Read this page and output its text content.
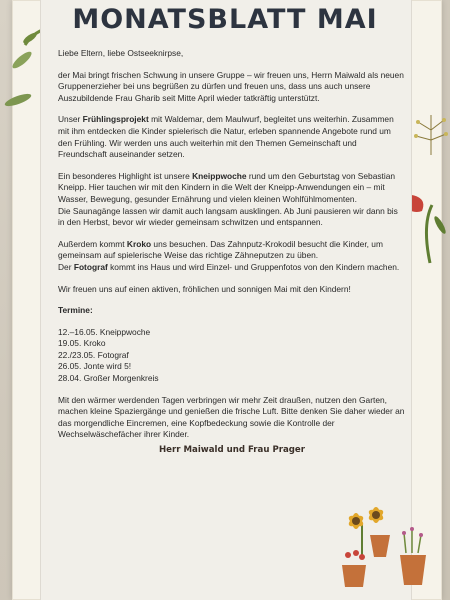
MONATSBLATT MAI

Liebe Eltern, liebe Ostseeknirpse,

der Mai bringt frischen Schwung in unsere Gruppe – wir freuen uns, Herrn Maiwald als neuen Gruppenerzieher bei uns begrüßen zu dürfen und freuen uns, dass uns auch unsere Auszubildende Frau Gharib seit Mitte April wieder tatkräftig unterstützt.

Unser Frühlingsprojekt mit Waldemar, dem Maulwurf, begleitet uns weiterhin. Zusammen mit ihm entdecken die Kinder spielerisch die Natur, erleben spannende Angebote rund um den Frühling. Wir werden uns auch weiterhin mit den Themen Gemeinschaft und Freundschaft auseinander setzen.

Ein besonderes Highlight ist unsere Kneippwoche rund um den Geburtstag von Sebastian Kneipp. Hier tauchen wir mit den Kindern in die Welt der Kneipp-Anwendungen ein – mit Wasser, Bewegung, gesunder Ernährung und vielen kleinen Wohlfühlmomenten.
Die Saunagänge lassen wir damit auch langsam ausklingen. Ab Juni pausieren wir dann bis in den Herbst, bevor wir wieder gemeinsam schwitzen und entspannen.

Außerdem kommt Kroko uns besuchen. Das Zahnputz-Krokodil besucht die Kinder, um gemeinsam auf spielerische Weise das richtige Zähneputzen zu üben.
Der Fotograf kommt ins Haus und wird Einzel- und Gruppenfotos von den Kindern machen.

Wir freuen uns auf einen aktiven, fröhlichen und sonnigen Mai mit den Kindern!

Termine:

12.–16.05. Kneippwoche
19.05. Kroko
22./23.05. Fotograf
26.05. Jonte wird 5!
28.04. Großer Morgenkreis

Mit den wärmer werdenden Tagen verbringen wir mehr Zeit draußen, nutzen den Garten, machen kleine Spaziergänge und genießen die frische Luft. Bitte denken Sie daher wieder an das morgendliche Eincremen, eine Kopfbedeckung sowie die Kontrolle der Wechselwäschefächer ihrer Kinder.

Herr Maiwald und Frau Prager
